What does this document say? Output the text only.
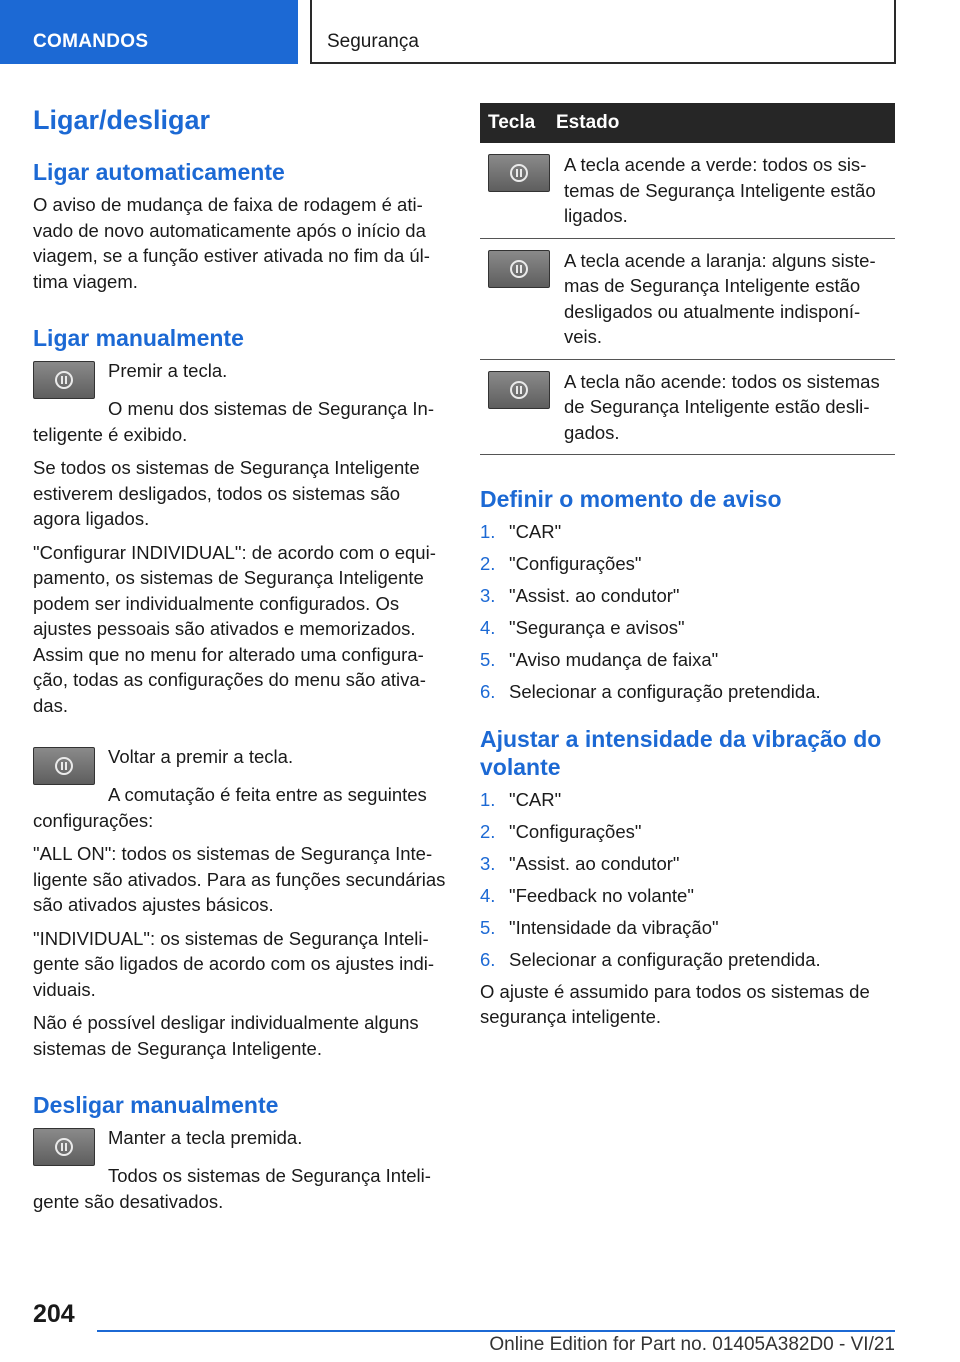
COMANDOS	Segurança
Ligar/desligar
Ligar automaticamente

O aviso de mudança de faixa de rodagem é ativado de novo automaticamente após o início da viagem, se a função estiver ativada no fim da última viagem.

Ligar manualmente

Premir a tecla.

O menu dos sistemas de Segurança Inteligente é exibido.

Se todos os sistemas de Segurança Inteligente estiverem desligados, todos os sistemas são agora ligados.

"Configurar INDIVIDUAL": de acordo com o equipamento, os sistemas de Segurança Inteligente podem ser individualmente configurados. Os ajustes pessoais são ativados e memorizados. Assim que no menu for alterado uma configuração, todas as configurações do menu são ativadas.

Voltar a premir a tecla.

A comutação é feita entre as seguintes configurações:

"ALL ON": todos os sistemas de Segurança Inteligente são ativados. Para as funções secundárias são ativados ajustes básicos.

"INDIVIDUAL": os sistemas de Segurança Inteligente são ligados de acordo com os ajustes individuais.

Não é possível desligar individualmente alguns sistemas de Segurança Inteligente.

Desligar manualmente

Manter a tecla premida.

Todos os sistemas de Segurança Inteligente são desativados.

Tecla	Estado

	A tecla acende a verde: todos os sistemas de Segurança Inteligente estão ligados.

	A tecla acende a laranja: alguns sistemas de Segurança Inteligente estão desligados ou atualmente indisponíveis.

	A tecla não acende: todos os sistemas de Segurança Inteligente estão desligados.
Definir o momento de aviso
1. "CAR"
2. "Configurações"
3. "Assist. ao condutor"
4. "Segurança e avisos"
5. "Aviso mudança de faixa"
6. Selecionar a configuração pretendida.
Ajustar a intensidade da vibração do volante
1. "CAR"
2. "Configurações"
3. "Assist. ao condutor"
4. "Feedback no volante"
5. "Intensidade da vibração"
6. Selecionar a configuração pretendida.

O ajuste é assumido para todos os sistemas de segurança inteligente.

204
Online Edition for Part no. 01405A382D0 - VI/21
